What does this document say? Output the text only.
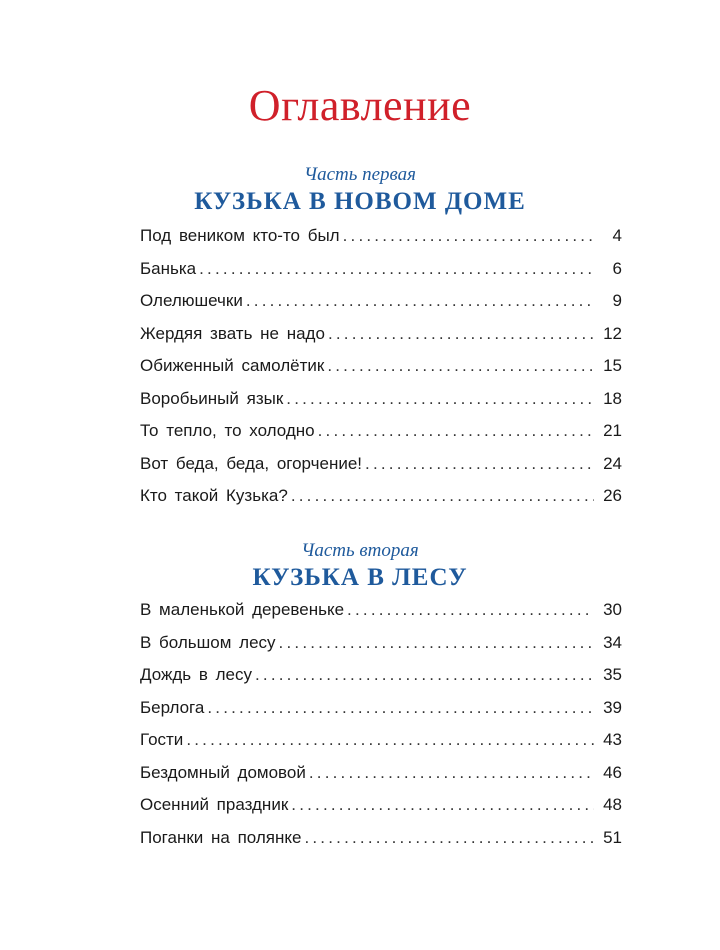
Оглавление
Часть первая
КУЗЬКА В НОВОМ ДОМЕ
Под веником кто-то был .....	4
Банька .....	6
Олелюшечки .....	9
Жердяя звать не надо .....	12
Обиженный самолётик .....	15
Воробьиный язык .....	18
То тепло, то холодно .....	21
Вот беда, беда, огорчение! .....	24
Кто такой Кузька? .....	26
Часть вторая
КУЗЬКА В ЛЕСУ
В маленькой деревеньке .....	30
В большом лесу .....	34
Дождь в лесу .....	35
Берлога .....	39
Гости .....	43
Бездомный домовой .....	46
Осенний праздник .....	48
Поганки на полянке .....	51
